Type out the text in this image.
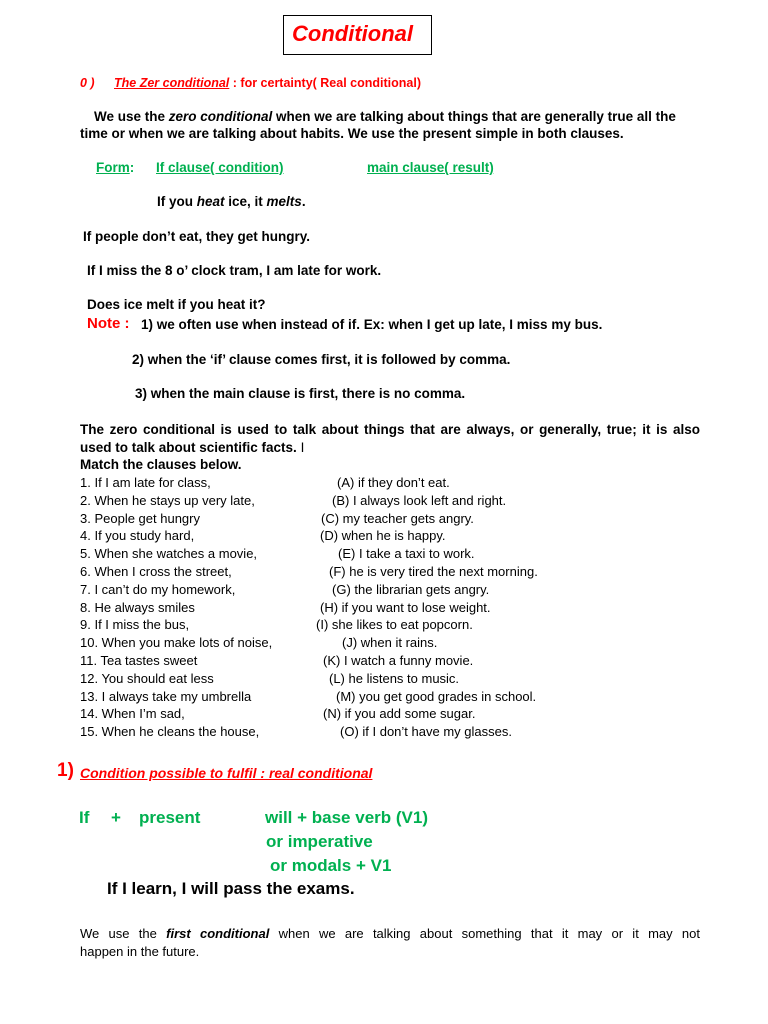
Conditional
0 ) The Zer conditional : for certainty( Real conditional)
We use the zero conditional when we are talking about things that are generally true all the
time or when we are talking about habits. We use the present simple in both clauses.
Form: If clause( condition)	main clause( result)
If you heat ice, it melts.
If people don’t eat, they get hungry.
If I miss the 8 o’ clock tram, I am late for work.
Does ice melt if you heat it?
Note : 1) we often use when instead of if. Ex: when I get up late, I miss my bus.
2) when the ‘if’ clause comes first, it is followed by comma.
3) when the main clause is first, there is no comma.
The zero conditional is used to talk about things that are always, or generally, true; it is also
used to talk about scientific facts. I
Match the clauses below.
1. If I am late for class,	(A) if they don’t eat.
2. When he stays up very late,	(B) I always look left and right.
3. People get hungry	(C) my teacher gets angry.
4. If you study hard,	(D) when he is happy.
5. When she watches a movie,	(E) I take a taxi to work.
6. When I cross the street,	(F) he is very tired the next morning.
7. I can’t do my homework,	(G) the librarian gets angry.
8. He always smiles	(H) if you want to lose weight.
9. If I miss the bus,	(I) she likes to eat popcorn.
10. When you make lots of noise,	(J) when it rains.
11. Tea tastes sweet	(K) I watch a funny movie.
12. You should eat less	(L) he listens to music.
13. I always take my umbrella	(M) you get good grades in school.
14. When I’m sad,	(N) if you add some sugar.
15. When he cleans the house,	(O) if I don’t have my glasses.
1) Condition possible to fulfil : real conditional
If + present	will + base verb (V1)
or imperative
or modals + V1
If I learn, I will pass the exams.
We use the first conditional when we are talking about something that it may or it may not
happen in the future.
